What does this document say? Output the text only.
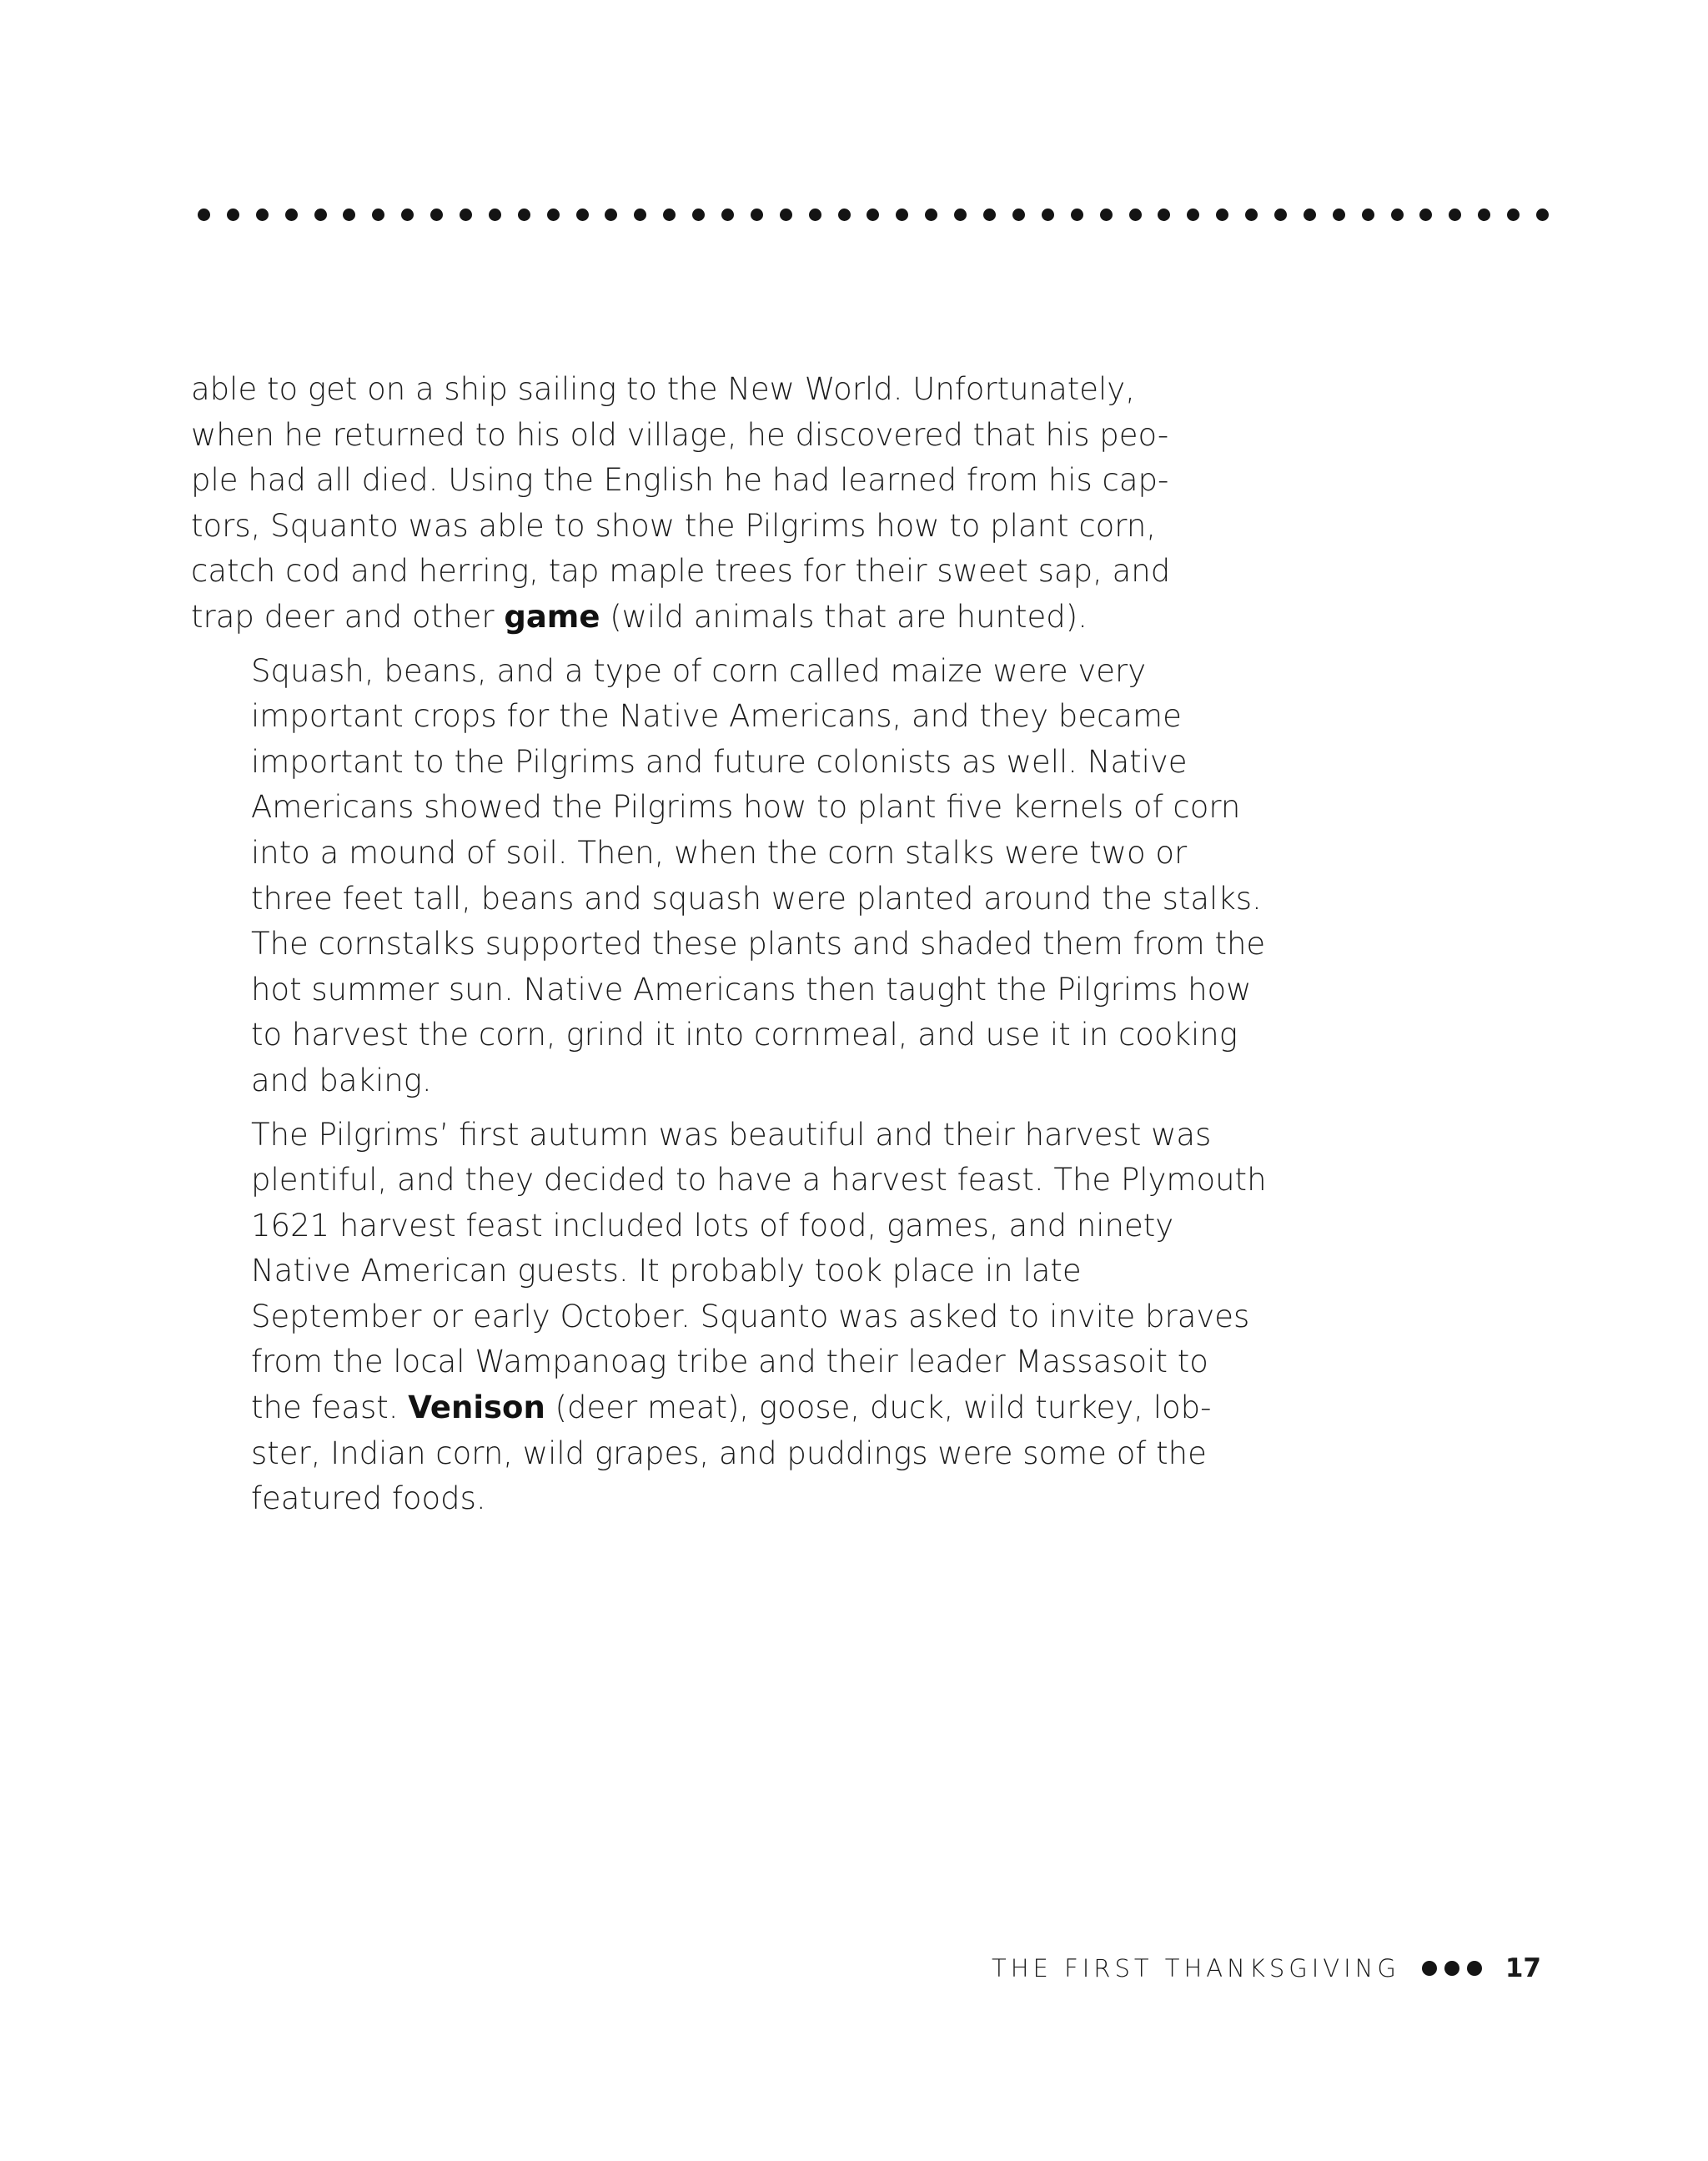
able to get on a ship sailing to the New World. Unfortunately,
when he returned to his old village, he discovered that his peo-
ple had all died. Using the English he had learned from his cap-
tors, Squanto was able to show the Pilgrims how to plant corn,
catch cod and herring, tap maple trees for their sweet sap, and
trap deer and other game (wild animals that are hunted).

Squash, beans, and a type of corn called maize were very
important crops for the Native Americans, and they became
important to the Pilgrims and future colonists as well. Native
Americans showed the Pilgrims how to plant five kernels of corn
into a mound of soil. Then, when the corn stalks were two or
three feet tall, beans and squash were planted around the stalks.
The cornstalks supported these plants and shaded them from the
hot summer sun. Native Americans then taught the Pilgrims how
to harvest the corn, grind it into cornmeal, and use it in cooking
and baking.

The Pilgrims’ first autumn was beautiful and their harvest was
plentiful, and they decided to have a harvest feast. The Plymouth
1621 harvest feast included lots of food, games, and ninety
Native American guests. It probably took place in late
September or early October. Squanto was asked to invite braves
from the local Wampanoag tribe and their leader Massasoit to
the feast. Venison (deer meat), goose, duck, wild turkey, lob-
ster, Indian corn, wild grapes, and puddings were some of the
featured foods.

THE FIRST THANKSGIVING	17
